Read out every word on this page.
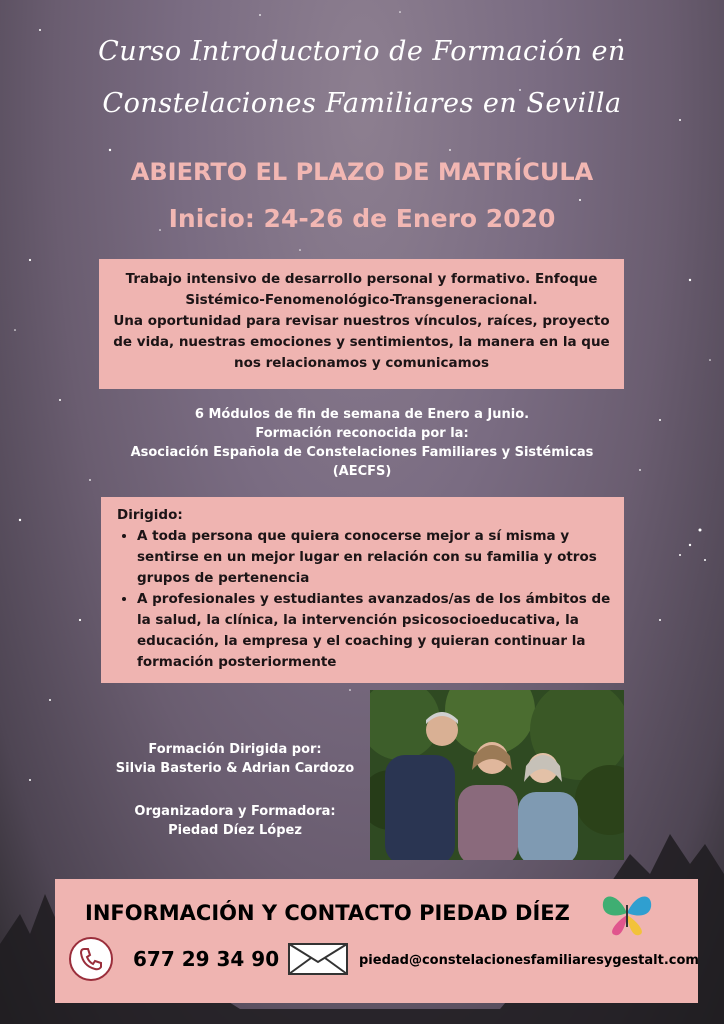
Curso Introductorio de Formación en
Constelaciones Familiares en Sevilla
ABIERTO EL PLAZO DE MATRÍCULA
Inicio: 24-26 de Enero 2020

Trabajo intensivo de desarrollo personal y formativo. Enfoque

Sistémico-Fenomenológico-Transgeneracional.

Una oportunidad para revisar nuestros vínculos, raíces, proyecto

de vida, nuestras emociones y sentimientos, la manera en la que

nos relacionamos y comunicamos

6 Módulos de fin de semana de Enero a Junio.

Formación reconocida por la:

Asociación Española de Constelaciones Familiares y Sistémicas

(AECFS)

Dirigido:

• A toda persona que quiera conocerse mejor a sí misma y sentirse en un mejor lugar en relación con su familia y otros grupos de pertenencia
• A profesionales y estudiantes avanzados/as de los ámbitos de la salud, la clínica, la intervención psicosocioeducativa, la educación, la empresa y el coaching y quieran continuar la formación posteriormente

Formación Dirigida por:

Silvia Basterio & Adrian Cardozo

Organizadora y Formadora:

Piedad Díez López

INFORMACIÓN Y CONTACTO PIEDAD DÍEZ
677 29 34 90	piedad@constelacionesfamiliaresygestalt.com
